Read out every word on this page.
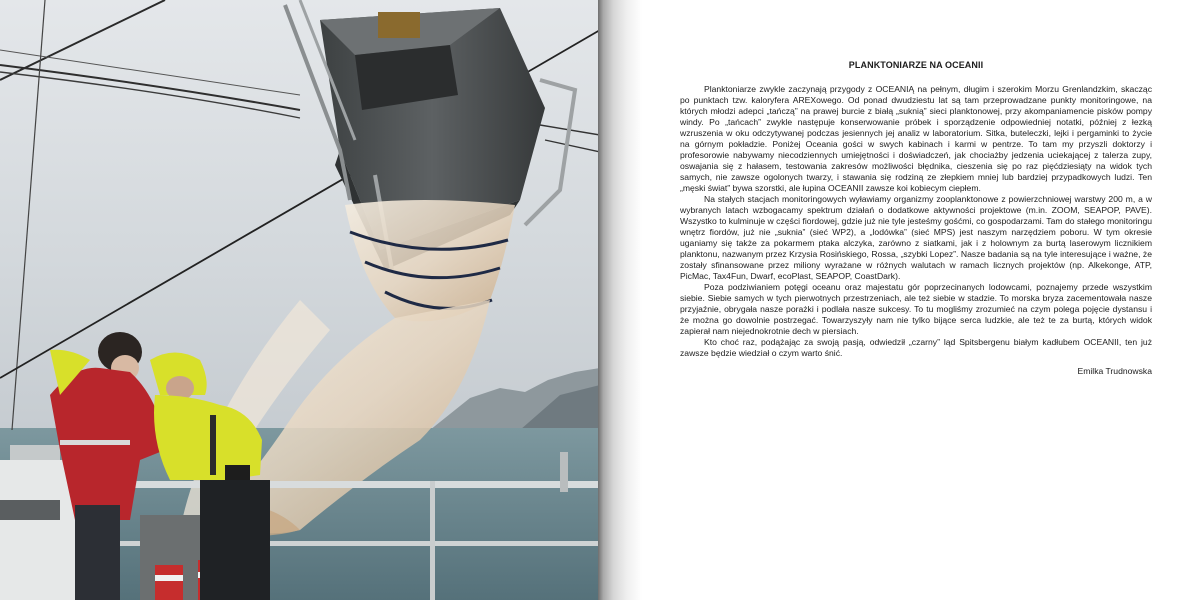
PLANKTONIARZE NA OCEANII

Planktoniarze zwykle zaczynają przygody z OCEANIĄ na pełnym, długim i szerokim Morzu Grenlandzkim, skacząc po punktach tzw. kaloryfera AREXowego. Od ponad dwudziestu lat są tam przeprowadzane punkty monitoringowe, na których młodzi adepci „tańczą” na prawej burcie z białą „suknią” sieci planktonowej, przy akompaniamencie pisków pompy windy. Po „tańcach” zwykle następuje konserwowanie próbek i sporządzenie odpowiedniej notatki, później z łezką wzruszenia w oku odczytywanej podczas jesiennych jej analiz w laboratorium. Sitka, buteleczki, lejki i pergaminki to życie na górnym pokładzie. Poniżej Oceania gości w swych kabinach i karmi w pentrze. To tam my przyszli doktorzy i profesorowie nabywamy niecodziennych umiejętności i doświadczeń, jak chociażby jedzenia uciekającej z talerza zupy, oswajania się z hałasem, testowania zakresów możliwości błędnika, cieszenia się po raz pięćdziesiąty na widok tych samych, nie zawsze ogolonych twarzy, i stawania się rodziną ze złepkiem mniej lub bardziej przypadkowych ludzi. Ten „męski świat” bywa szorstki, ale łupina OCEANII zawsze koi kobiecym ciepłem.

Na stałych stacjach monitoringowych wyławiamy organizmy zooplanktonowe z powierzchniowej warstwy 200 m, a w wybranych latach wzbogacamy spektrum działań o dodatkowe aktywności projektowe (m.in. ZOOM, SEAPOP, PAVE). Wszystko to kulminuje w części fiordowej, gdzie już nie tyle jesteśmy gośćmi, co gospodarzami. Tam do stałego monitoringu wnętrz fiordów, już nie „suknia” (sieć WP2), a „lodówka” (sieć MPS) jest naszym narzędziem poboru. W tym okresie uganiamy się także za pokarmem ptaka alczyka, zarówno z siatkami, jak i z holownym za burtą laserowym licznikiem planktonu, nazwanym przez Krzysia Rosińskiego, Rossa, „szybki Lopez”. Nasze badania są na tyle interesujące i ważne, że zostały sfinansowane przez miliony wyrażane w różnych walutach w ramach licznych projektów (np. Alkekonge, ATP, PicMac, Tax4Fun, Dwarf, ecoPlast, SEAPOP, CoastDark).

Poza podziwianiem potęgi oceanu oraz majestatu gór poprzecinanych lodowcami, poznajemy przede wszystkim siebie. Siebie samych w tych pierwotnych przestrzeniach, ale też siebie w stadzie. To morska bryza zacementowała nasze przyjaźnie, obrygała nasze porażki i podlała nasze sukcesy. To tu mogliśmy zrozumieć na czym polega pojęcie dystansu i że można go dowolnie postrzegać. Towarzyszyły nam nie tylko bijące serca ludzkie, ale też te za burtą, których widok zapierał nam niejednokrotnie dech w piersiach.

Kto choć raz, podążając za swoją pasją, odwiedził „czarny” ląd Spitsbergenu białym kadłubem OCEANII, ten już zawsze będzie wiedział o czym warto śnić.

Emilka Trudnowska
